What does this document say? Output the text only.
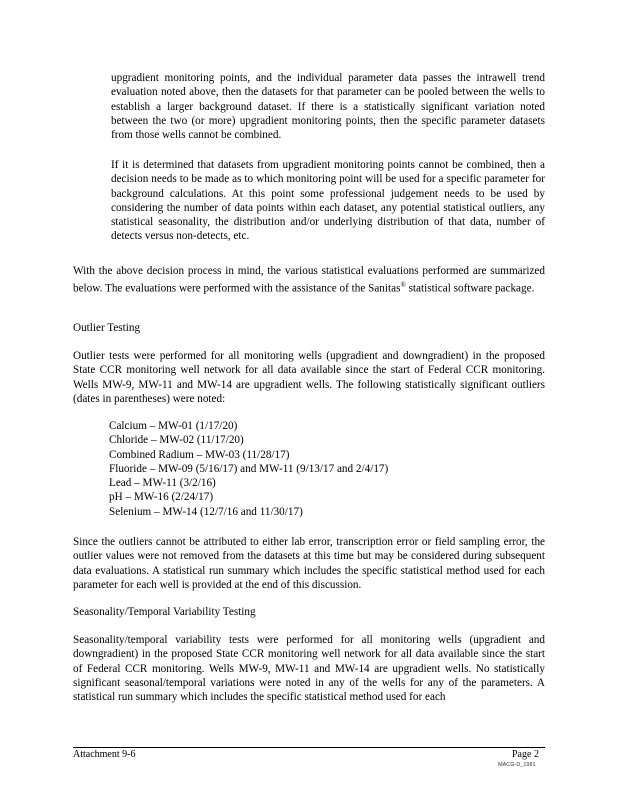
upgradient monitoring points, and the individual parameter data passes the intrawell trend evaluation noted above, then the datasets for that parameter can be pooled between the wells to establish a larger background dataset. If there is a statistically significant variation noted between the two (or more) upgradient monitoring points, then the specific parameter datasets from those wells cannot be combined.

If it is determined that datasets from upgradient monitoring points cannot be combined, then a decision needs to be made as to which monitoring point will be used for a specific parameter for background calculations. At this point some professional judgement needs to be used by considering the number of data points within each dataset, any potential statistical outliers, any statistical seasonality, the distribution and/or underlying distribution of that data, number of detects versus non-detects, etc.

With the above decision process in mind, the various statistical evaluations performed are summarized below. The evaluations were performed with the assistance of the Sanitas® statistical software package.

Outlier Testing

Outlier tests were performed for all monitoring wells (upgradient and downgradient) in the proposed State CCR monitoring well network for all data available since the start of Federal CCR monitoring. Wells MW-9, MW-11 and MW-14 are upgradient wells. The following statistically significant outliers (dates in parentheses) were noted:

Calcium – MW-01 (1/17/20)
Chloride – MW-02 (11/17/20)
Combined Radium – MW-03 (11/28/17)
Fluoride – MW-09 (5/16/17) and MW-11 (9/13/17 and 2/4/17)
Lead – MW-11 (3/2/16)
pH – MW-16 (2/24/17)
Selenium – MW-14 (12/7/16 and 11/30/17)

Since the outliers cannot be attributed to either lab error, transcription error or field sampling error, the outlier values were not removed from the datasets at this time but may be considered during subsequent data evaluations. A statistical run summary which includes the specific statistical method used for each parameter for each well is provided at the end of this discussion.

Seasonality/Temporal Variability Testing

Seasonality/temporal variability tests were performed for all monitoring wells (upgradient and downgradient) in the proposed State CCR monitoring well network for all data available since the start of Federal CCR monitoring. Wells MW-9, MW-11 and MW-14 are upgradient wells. No statistically significant seasonal/temporal variations were noted in any of the wells for any of the parameters. A statistical run summary which includes the specific statistical method used for each

Attachment 9-6	Page 2
MACG-D_1981
